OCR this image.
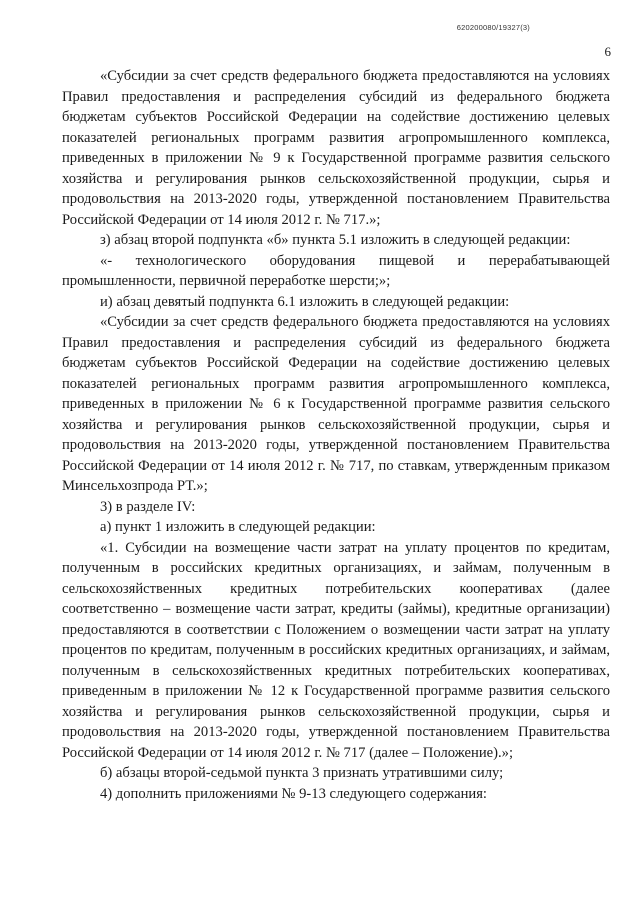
620200080/19327(3)
6

«Субсидии за счет средств федерального бюджета предоставляются на условиях Правил предоставления и распределения субсидий из федерального бюджета бюджетам субъектов Российской Федерации на содействие достижению целевых показателей региональных программ развития агропромышленного комплекса, приведенных в приложении № 9 к Государственной программе развития сельского хозяйства и регулирования рынков сельскохозяйственной продукции, сырья и продовольствия на 2013-2020 годы, утвержденной постановлением Правительства Российской Федерации от 14 июля 2012 г. № 717.»;

з) абзац второй подпункта «б» пункта 5.1 изложить в следующей редакции:

«- технологического оборудования пищевой и перерабатывающей промышленности, первичной переработке шерсти;»;

и) абзац девятый подпункта 6.1 изложить в следующей редакции:

«Субсидии за счет средств федерального бюджета предоставляются на условиях Правил предоставления и распределения субсидий из федерального бюджета бюджетам субъектов Российской Федерации на содействие достижению целевых показателей региональных программ развития агропромышленного комплекса, приведенных в приложении № 6 к Государственной программе развития сельского хозяйства и регулирования рынков сельскохозяйственной продукции, сырья и продовольствия на 2013-2020 годы, утвержденной постановлением Правительства Российской Федерации от 14 июля 2012 г. № 717, по ставкам, утвержденным приказом Минсельхозпрода РТ.»;

3) в разделе IV:

а) пункт 1 изложить в следующей редакции:

«1. Субсидии на возмещение части затрат на уплату процентов по кредитам, полученным в российских кредитных организациях, и займам, полученным в сельскохозяйственных кредитных потребительских кооперативах (далее соответственно – возмещение части затрат, кредиты (займы), кредитные организации) предоставляются в соответствии с Положением о возмещении части затрат на уплату процентов по кредитам, полученным в российских кредитных организациях, и займам, полученным в сельскохозяйственных кредитных потребительских кооперативах, приведенным в приложении № 12 к Государственной программе развития сельского хозяйства и регулирования рынков сельскохозяйственной продукции, сырья и продовольствия на 2013-2020 годы, утвержденной постановлением Правительства Российской Федерации от 14 июля 2012 г. № 717 (далее – Положение).»;

б) абзацы второй-седьмой пункта 3 признать утратившими силу;

4) дополнить приложениями № 9-13 следующего содержания:
